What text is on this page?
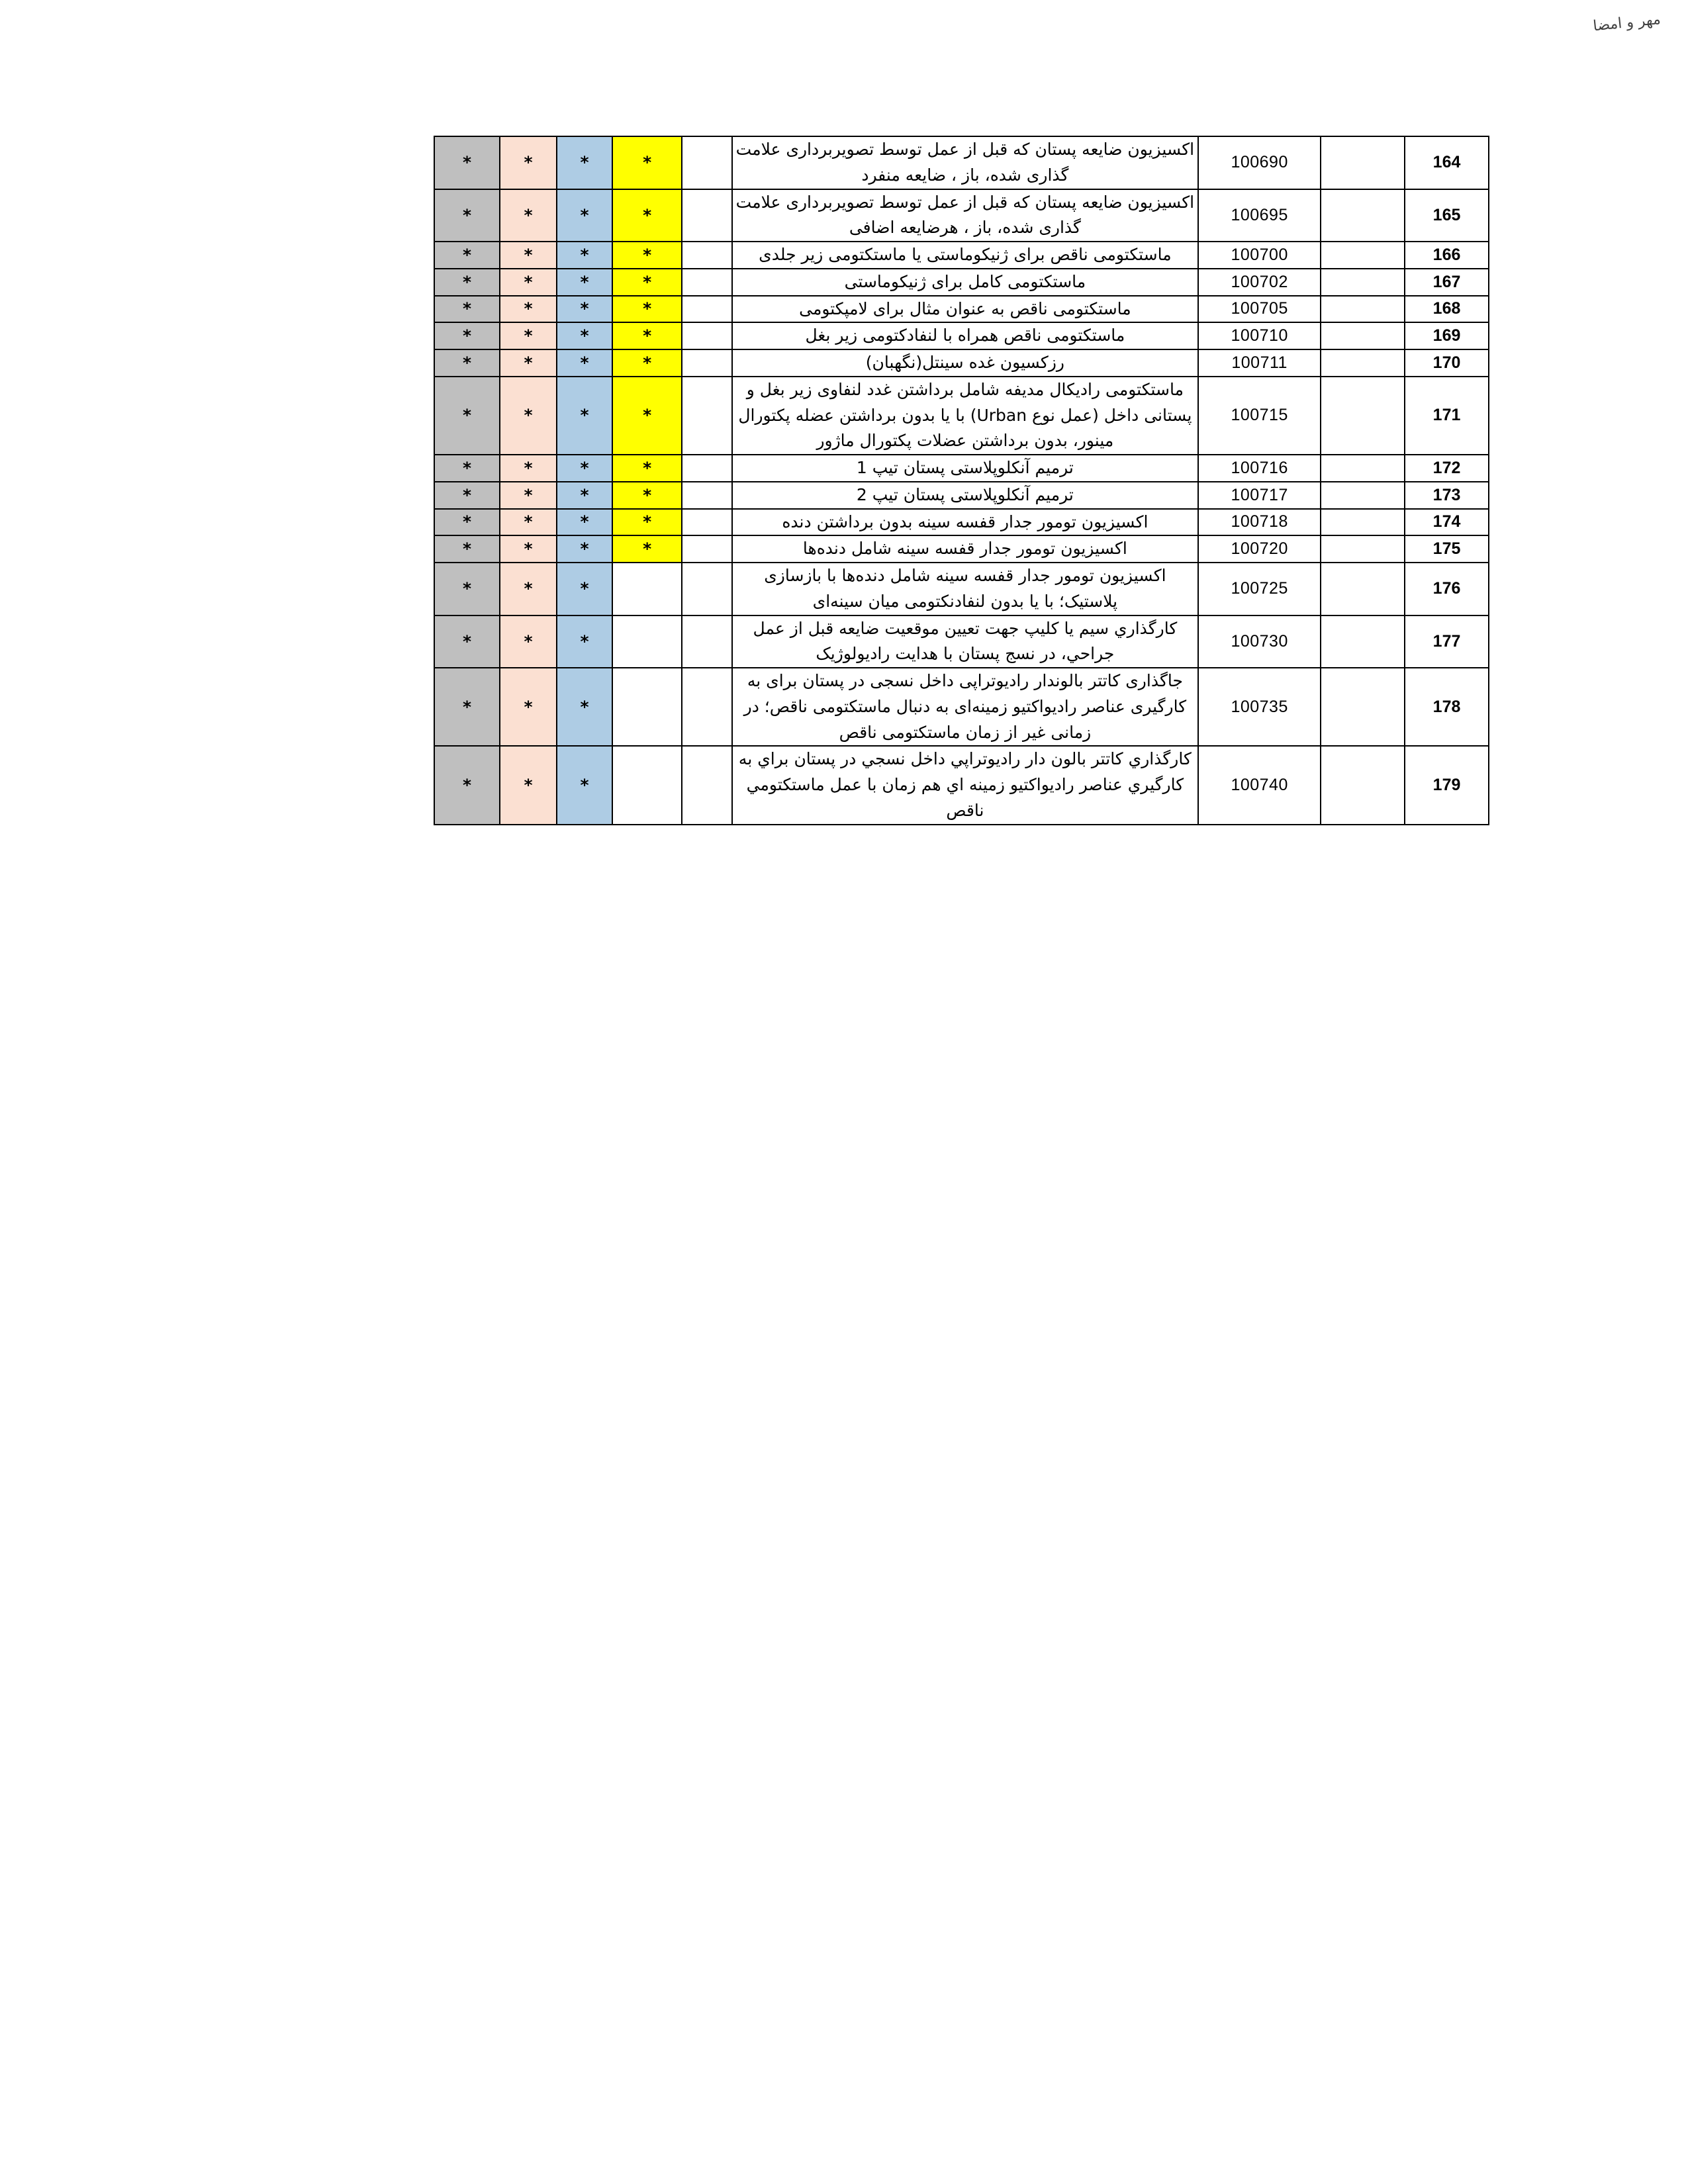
مهر و امضا
164		100690	اکسیزیون ضایعه پستان که قبل از عمل توسط تصویربرداری علامت گذاری شده، باز ، ضایعه منفرد		*	*	*	*
165		100695	اکسیزیون ضایعه پستان که قبل از عمل توسط تصویربرداری علامت گذاری شده، باز ، هرضایعه اضافی		*	*	*	*
166		100700	ماستکتومی ناقص برای ژنیکوماستی یا ماستکتومی زیر جلدی		*	*	*	*
167		100702	ماستکتومی کامل برای ژنیکوماستی		*	*	*	*
168		100705	ماستکتومی ناقص به عنوان مثال برای لامپکتومی		*	*	*	*
169		100710	ماستکتومی ناقص همراه با لنفادکتومی زیر بغل		*	*	*	*
170		100711	رزکسیون غده سینتل(نگهبان)		*	*	*	*
171		100715	ماستکتومی رادیکال مدیفه شامل برداشتن غدد لنفاوی زیر بغل و پستانی داخل (عمل نوع Urban) با یا بدون برداشتن عضله پکتورال مینور، بدون برداشتن عضلات پکتورال ماژور		*	*	*	*
172		100716	ترمیم آنکلوپلاستی پستان تیپ 1		*	*	*	*
173		100717	ترمیم آنکلوپلاستی پستان تیپ 2		*	*	*	*
174		100718	اکسیزیون تومور جدار قفسه سینه بدون برداشتن دنده		*	*	*	*
175		100720	اکسیزیون تومور جدار قفسه سینه شامل دنده‌ها		*	*	*	*
176		100725	اکسیزیون تومور جدار قفسه سینه شامل دنده‌ها با بازسازی پلاستیک؛ با یا بدون لنفادنکتومی میان سینه‌ای			*	*	*
177		100730	کارگذاري سیم یا کلیپ جهت تعیین موقعیت ضایعه قبل از عمل جراحي، در نسج پستان با هدایت رادیولوژیک			*	*	*
178		100735	جاگذاری کاتتر بالوندار رادیوتراپی داخل نسجی در پستان برای به کارگیری عناصر رادیواکتیو زمینه‌ای به دنبال ماستکتومی ناقص؛ در زمانی غیر از زمان ماستکتومی ناقص			*	*	*
179		100740	کارگذاري کاتتر بالون دار رادیوتراپي داخل نسجي در پستان براي به کارگیري عناصر رادیواکتیو زمینه اي هم زمان با عمل ماستکتومي ناقص			*	*	*
